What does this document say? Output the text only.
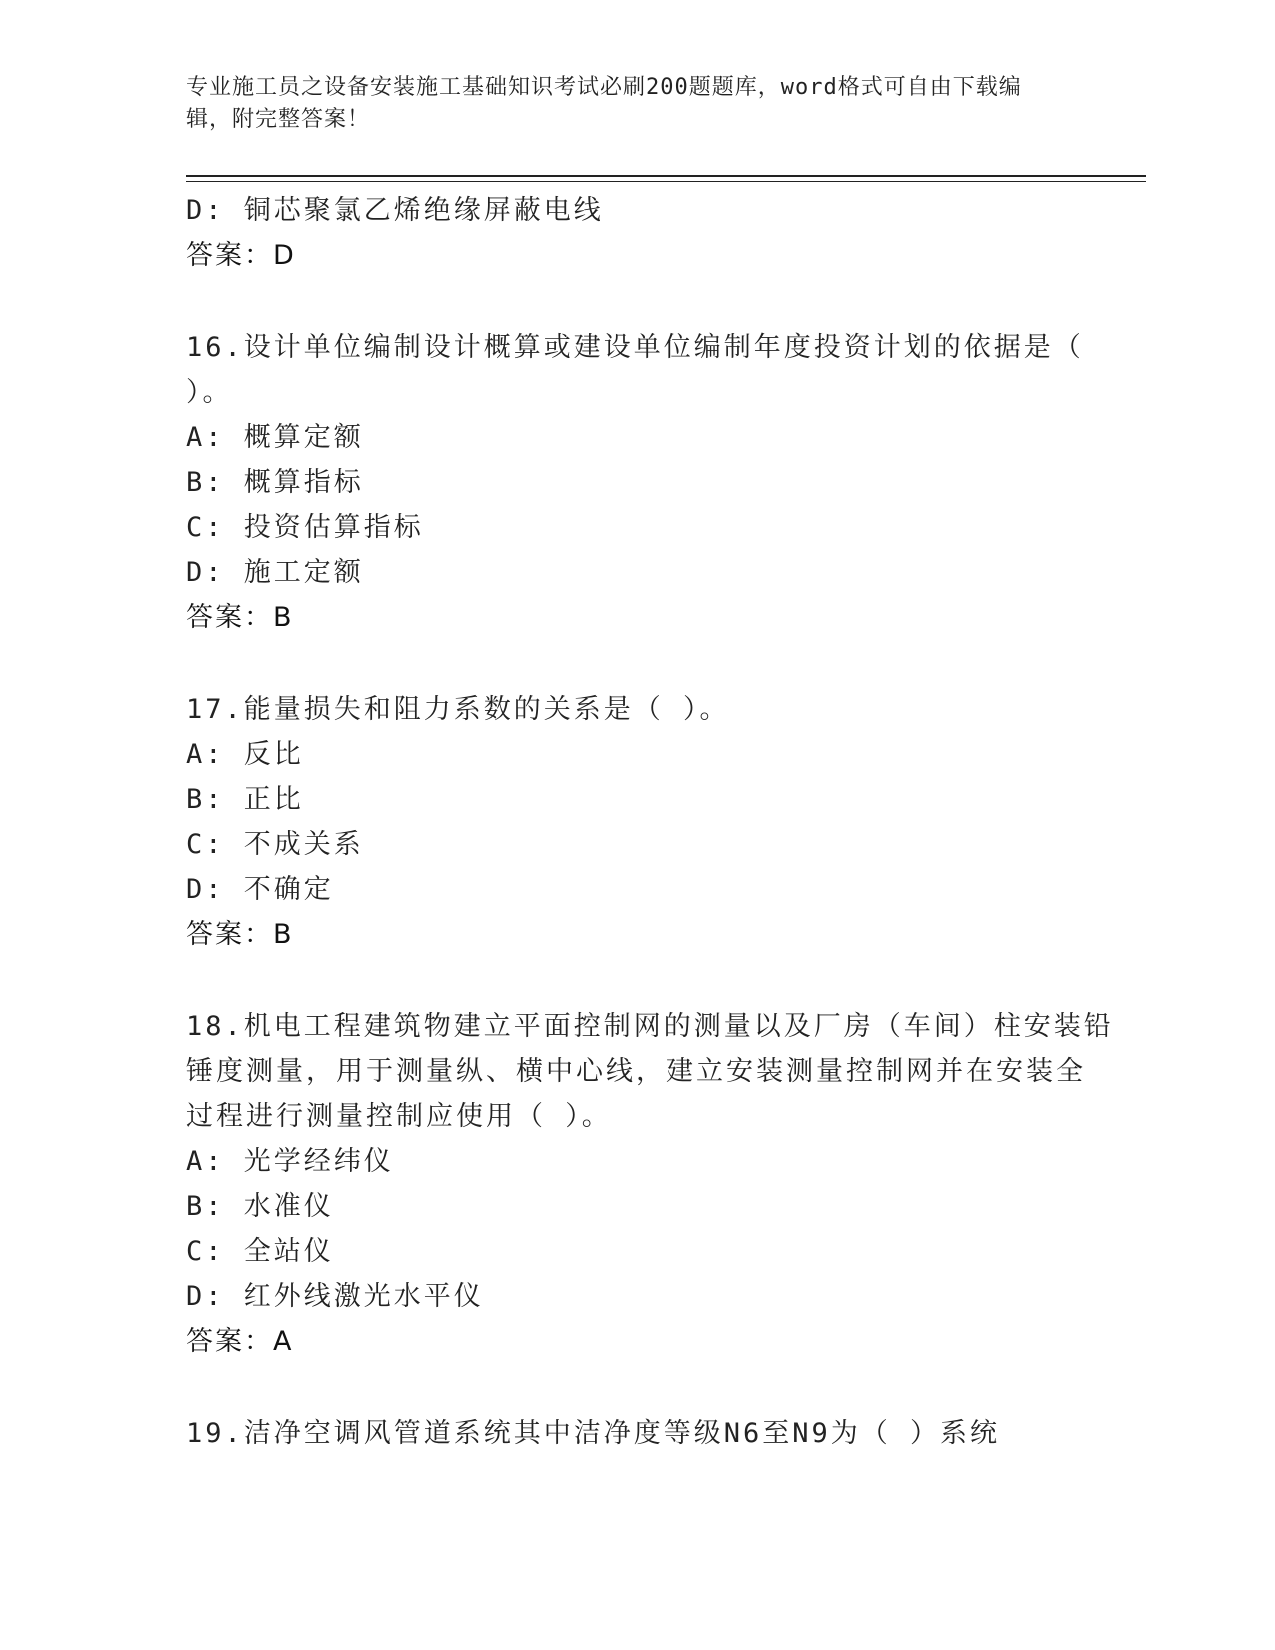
专业施工员之设备安装施工基础知识考试必刷200题题库，word格式可自由下载编辑，附完整答案！
D: 铜芯聚氯乙烯绝缘屏蔽电线
答案：D
16.设计单位编制设计概算或建设单位编制年度投资计划的依据是（
）。
A: 概算定额
B: 概算指标
C: 投资估算指标
D: 施工定额
答案：B
17.能量损失和阻力系数的关系是（ ）。
A: 反比
B: 正比
C: 不成关系
D: 不确定
答案：B
18.机电工程建筑物建立平面控制网的测量以及厂房（车间）柱安装铅
锤度测量，用于测量纵、横中心线，建立安装测量控制网并在安装全
过程进行测量控制应使用（ ）。
A: 光学经纬仪
B: 水准仪
C: 全站仪
D: 红外线激光水平仪
答案：A
19.洁净空调风管道系统其中洁净度等级N6至N9为（ ）系统
